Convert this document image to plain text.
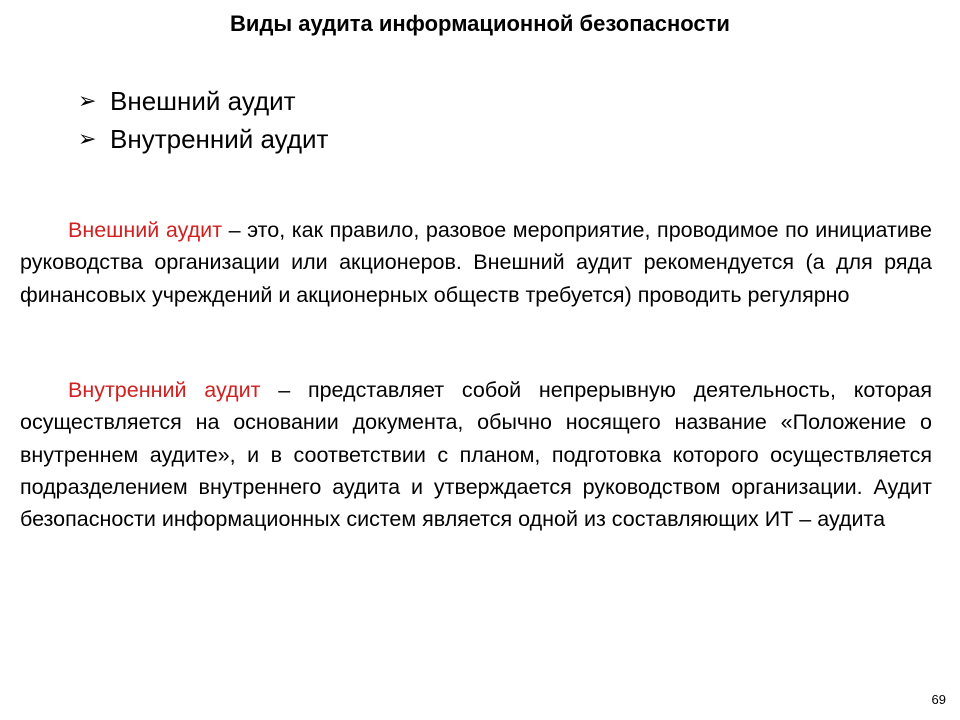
Виды аудита информационной безопасности
➢ Внешний аудит
➢ Внутренний аудит

Внешний аудит – это, как правило, разовое мероприятие, проводимое по инициативе руководства организации или акционеров. Внешний аудит рекомендуется (а для ряда финансовых учреждений и акционерных обществ требуется) проводить регулярно

Внутренний аудит – представляет собой непрерывную деятельность, которая осуществляется на основании документа, обычно носящего название «Положение о внутреннем аудите», и в соответствии с планом, подготовка которого осуществляется подразделением внутреннего аудита и утверждается руководством организации. Аудит безопасности информационных систем является одной из составляющих ИТ – аудита

69
